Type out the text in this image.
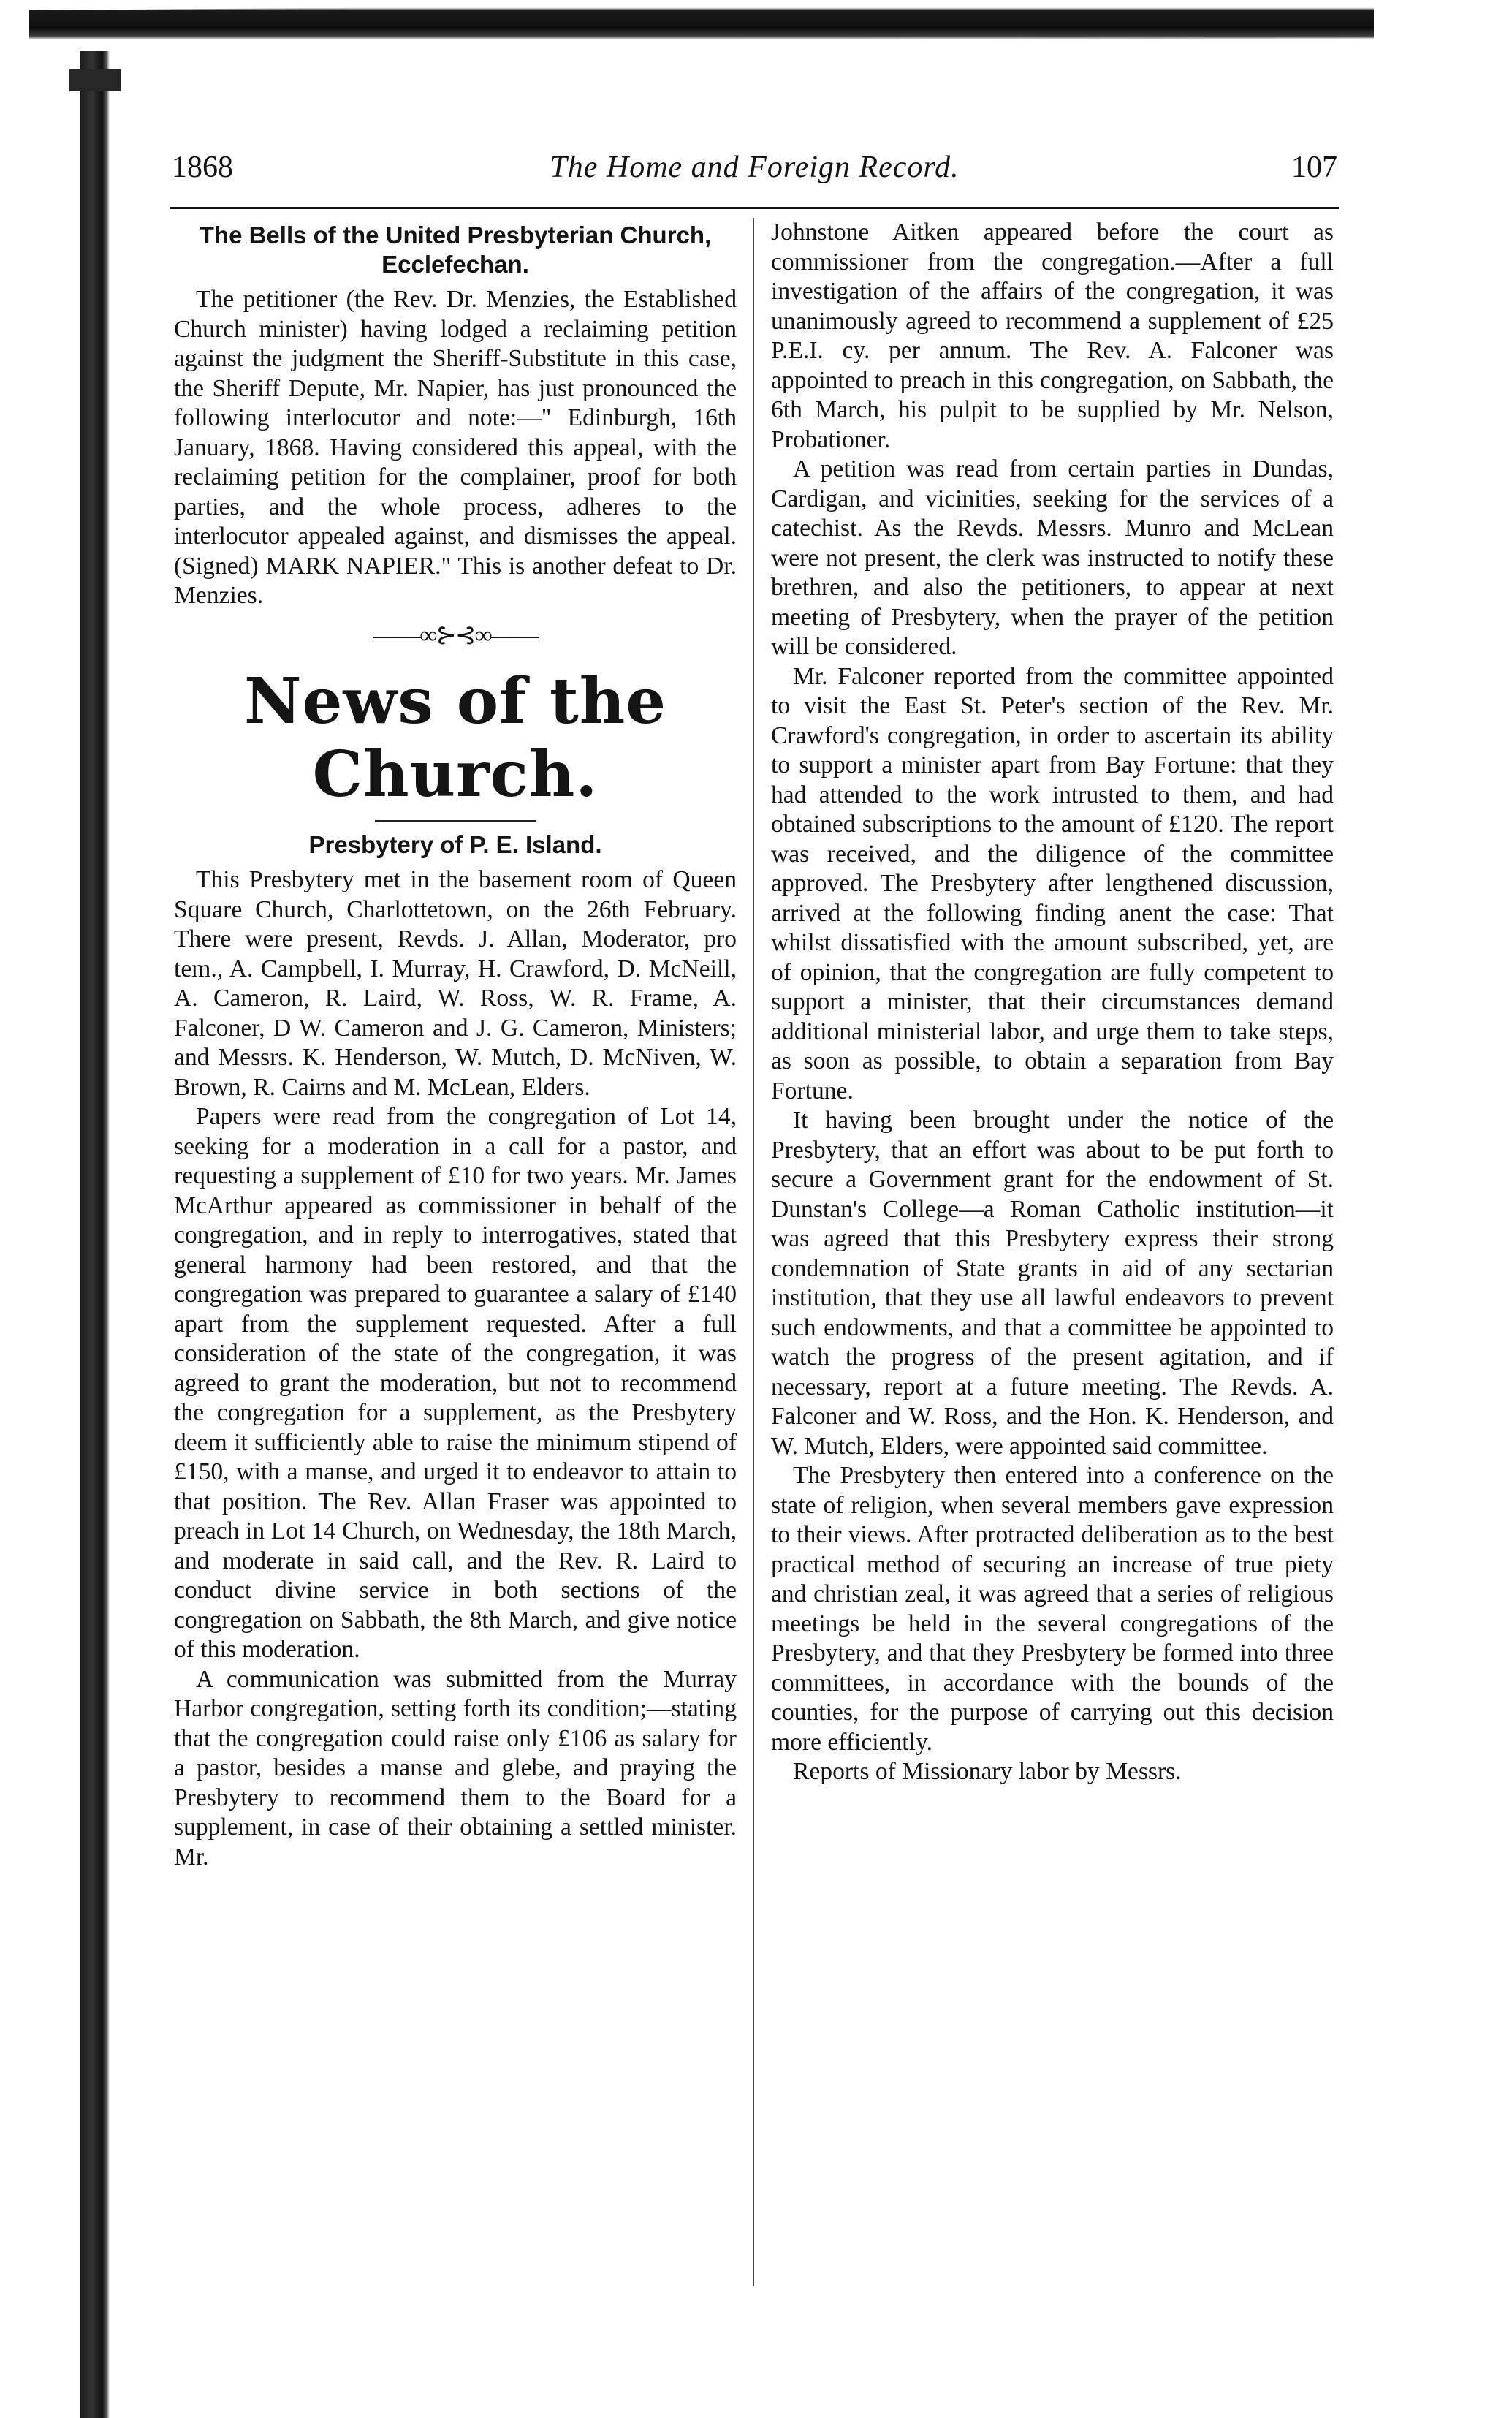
1868	The Home and Foreign Record.	107
The Bells of the United Presbyterian Church, Ecclefechan.

The petitioner (the Rev. Dr. Menzies, the Established Church minister) having lodged a reclaiming petition against the judgment the Sheriff-Substitute in this case, the Sheriff Depute, Mr. Napier, has just pronounced the following interlocutor and note:—" Edinburgh, 16th January, 1868. Having considered this appeal, with the reclaiming petition for the complainer, proof for both parties, and the whole process, adheres to the interlocutor appealed against, and dismisses the appeal. (Signed) MARK NAPIER." This is another defeat to Dr. Menzies.

——∞⊱⊰∞——
News of the Church.
Presbytery of P. E. Island.

This Presbytery met in the basement room of Queen Square Church, Charlottetown, on the 26th February. There were present, Revds. J. Allan, Moderator, pro tem., A. Campbell, I. Murray, H. Crawford, D. McNeill, A. Cameron, R. Laird, W. Ross, W. R. Frame, A. Falconer, D W. Cameron and J. G. Cameron, Ministers; and Messrs. K. Henderson, W. Mutch, D. McNiven, W. Brown, R. Cairns and M. McLean, Elders.

Papers were read from the congregation of Lot 14, seeking for a moderation in a call for a pastor, and requesting a supplement of £10 for two years. Mr. James McArthur appeared as commissioner in behalf of the congregation, and in reply to interrogatives, stated that general harmony had been restored, and that the congregation was prepared to guarantee a salary of £140 apart from the supplement requested. After a full consideration of the state of the congregation, it was agreed to grant the moderation, but not to recommend the congregation for a supplement, as the Presbytery deem it sufficiently able to raise the minimum stipend of £150, with a manse, and urged it to endeavor to attain to that position. The Rev. Allan Fraser was appointed to preach in Lot 14 Church, on Wednesday, the 18th March, and moderate in said call, and the Rev. R. Laird to conduct divine service in both sections of the congregation on Sabbath, the 8th March, and give notice of this moderation.

A communication was submitted from the Murray Harbor congregation, setting forth its condition;—stating that the congregation could raise only £106 as salary for a pastor, besides a manse and glebe, and praying the Presbytery to recommend them to the Board for a supplement, in case of their obtaining a settled minister. Mr.

Johnstone Aitken appeared before the court as commissioner from the congregation.—After a full investigation of the affairs of the congregation, it was unanimously agreed to recommend a supplement of £25 P.E.I. cy. per annum. The Rev. A. Falconer was appointed to preach in this congregation, on Sabbath, the 6th March, his pulpit to be supplied by Mr. Nelson, Probationer.

A petition was read from certain parties in Dundas, Cardigan, and vicinities, seeking for the services of a catechist. As the Revds. Messrs. Munro and McLean were not present, the clerk was instructed to notify these brethren, and also the petitioners, to appear at next meeting of Presbytery, when the prayer of the petition will be considered.

Mr. Falconer reported from the committee appointed to visit the East St. Peter's section of the Rev. Mr. Crawford's congregation, in order to ascertain its ability to support a minister apart from Bay Fortune: that they had attended to the work intrusted to them, and had obtained subscriptions to the amount of £120. The report was received, and the diligence of the committee approved. The Presbytery after lengthened discussion, arrived at the following finding anent the case: That whilst dissatisfied with the amount subscribed, yet, are of opinion, that the congregation are fully competent to support a minister, that their circumstances demand additional ministerial labor, and urge them to take steps, as soon as possible, to obtain a separation from Bay Fortune.

It having been brought under the notice of the Presbytery, that an effort was about to be put forth to secure a Government grant for the endowment of St. Dunstan's College—a Roman Catholic institution—it was agreed that this Presbytery express their strong condemnation of State grants in aid of any sectarian institution, that they use all lawful endeavors to prevent such endowments, and that a committee be appointed to watch the progress of the present agitation, and if necessary, report at a future meeting. The Revds. A. Falconer and W. Ross, and the Hon. K. Henderson, and W. Mutch, Elders, were appointed said committee.

The Presbytery then entered into a conference on the state of religion, when several members gave expression to their views. After protracted deliberation as to the best practical method of securing an increase of true piety and christian zeal, it was agreed that a series of religious meetings be held in the several congregations of the Presbytery, and that they Presbytery be formed into three committees, in accordance with the bounds of the counties, for the purpose of carrying out this decision more efficiently.

Reports of Missionary labor by Messrs.
